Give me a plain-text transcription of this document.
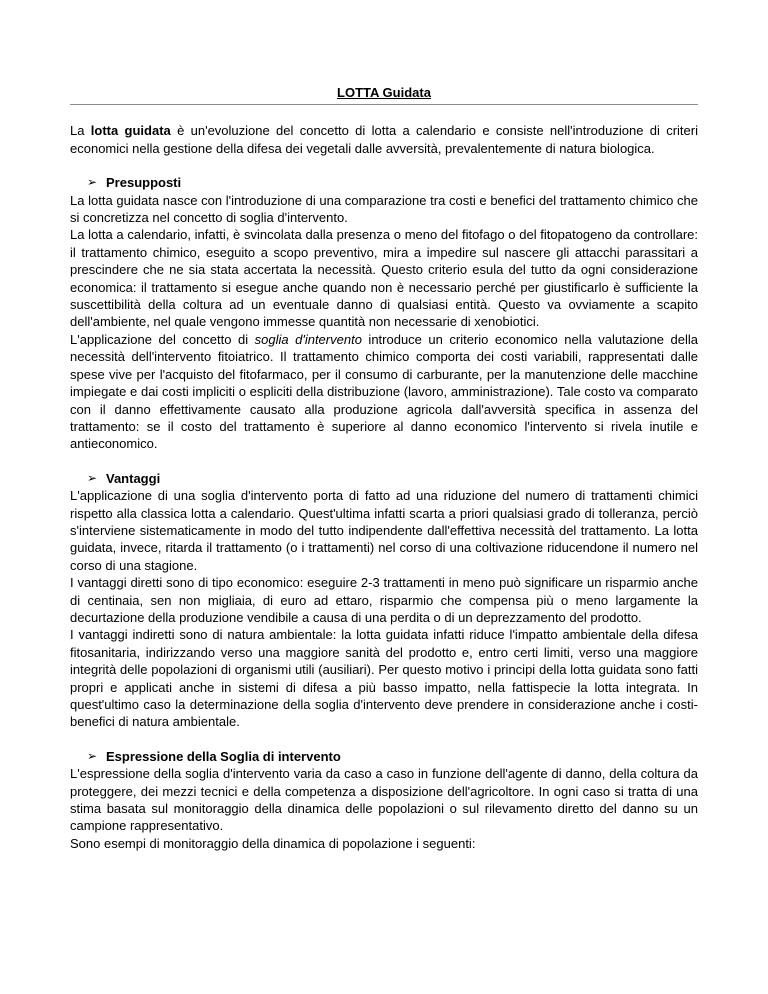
LOTTA Guidata

La lotta guidata è un'evoluzione del concetto di lotta a calendario e consiste nell'introduzione di criteri economici nella gestione della difesa dei vegetali dalle avversità, prevalentemente di natura biologica.

➢ Presupposti

La lotta guidata nasce con l'introduzione di una comparazione tra costi e benefici del trattamento chimico che si concretizza nel concetto di soglia d'intervento.

La lotta a calendario, infatti, è svincolata dalla presenza o meno del fitofago o del fitopatogeno da controllare: il trattamento chimico, eseguito a scopo preventivo, mira a impedire sul nascere gli attacchi parassitari a prescindere che ne sia stata accertata la necessità. Questo criterio esula del tutto da ogni considerazione economica: il trattamento si esegue anche quando non è necessario perché per giustificarlo è sufficiente la suscettibilità della coltura ad un eventuale danno di qualsiasi entità. Questo va ovviamente a scapito dell'ambiente, nel quale vengono immesse quantità non necessarie di xenobiotici.

L'applicazione del concetto di soglia d'intervento introduce un criterio economico nella valutazione della necessità dell'intervento fitoiatrico. Il trattamento chimico comporta dei costi variabili, rappresentati dalle spese vive per l'acquisto del fitofarmaco, per il consumo di carburante, per la manutenzione delle macchine impiegate e dai costi impliciti o espliciti della distribuzione (lavoro, amministrazione). Tale costo va comparato con il danno effettivamente causato alla produzione agricola dall'avversità specifica in assenza del trattamento: se il costo del trattamento è superiore al danno economico l'intervento si rivela inutile e antieconomico.

➢ Vantaggi

L'applicazione di una soglia d'intervento porta di fatto ad una riduzione del numero di trattamenti chimici rispetto alla classica lotta a calendario. Quest'ultima infatti scarta a priori qualsiasi grado di tolleranza, perciò s'interviene sistematicamente in modo del tutto indipendente dall'effettiva necessità del trattamento. La lotta guidata, invece, ritarda il trattamento (o i trattamenti) nel corso di una coltivazione riducendone il numero nel corso di una stagione.

I vantaggi diretti sono di tipo economico: eseguire 2-3 trattamenti in meno può significare un risparmio anche di centinaia, sen non migliaia, di euro ad ettaro, risparmio che compensa più o meno largamente la decurtazione della produzione vendibile a causa di una perdita o di un deprezzamento del prodotto.

I vantaggi indiretti sono di natura ambientale: la lotta guidata infatti riduce l'impatto ambientale della difesa fitosanitaria, indirizzando verso una maggiore sanità del prodotto e, entro certi limiti, verso una maggiore integrità delle popolazioni di organismi utili (ausiliari). Per questo motivo i principi della lotta guidata sono fatti propri e applicati anche in sistemi di difesa a più basso impatto, nella fattispecie la lotta integrata. In quest'ultimo caso la determinazione della soglia d'intervento deve prendere in considerazione anche i costi-benefici di natura ambientale.

➢ Espressione della Soglia di intervento

L'espressione della soglia d'intervento varia da caso a caso in funzione dell'agente di danno, della coltura da proteggere, dei mezzi tecnici e della competenza a disposizione dell'agricoltore. In ogni caso si tratta di una stima basata sul monitoraggio della dinamica delle popolazioni o sul rilevamento diretto del danno su un campione rappresentativo.

Sono esempi di monitoraggio della dinamica di popolazione i seguenti:
